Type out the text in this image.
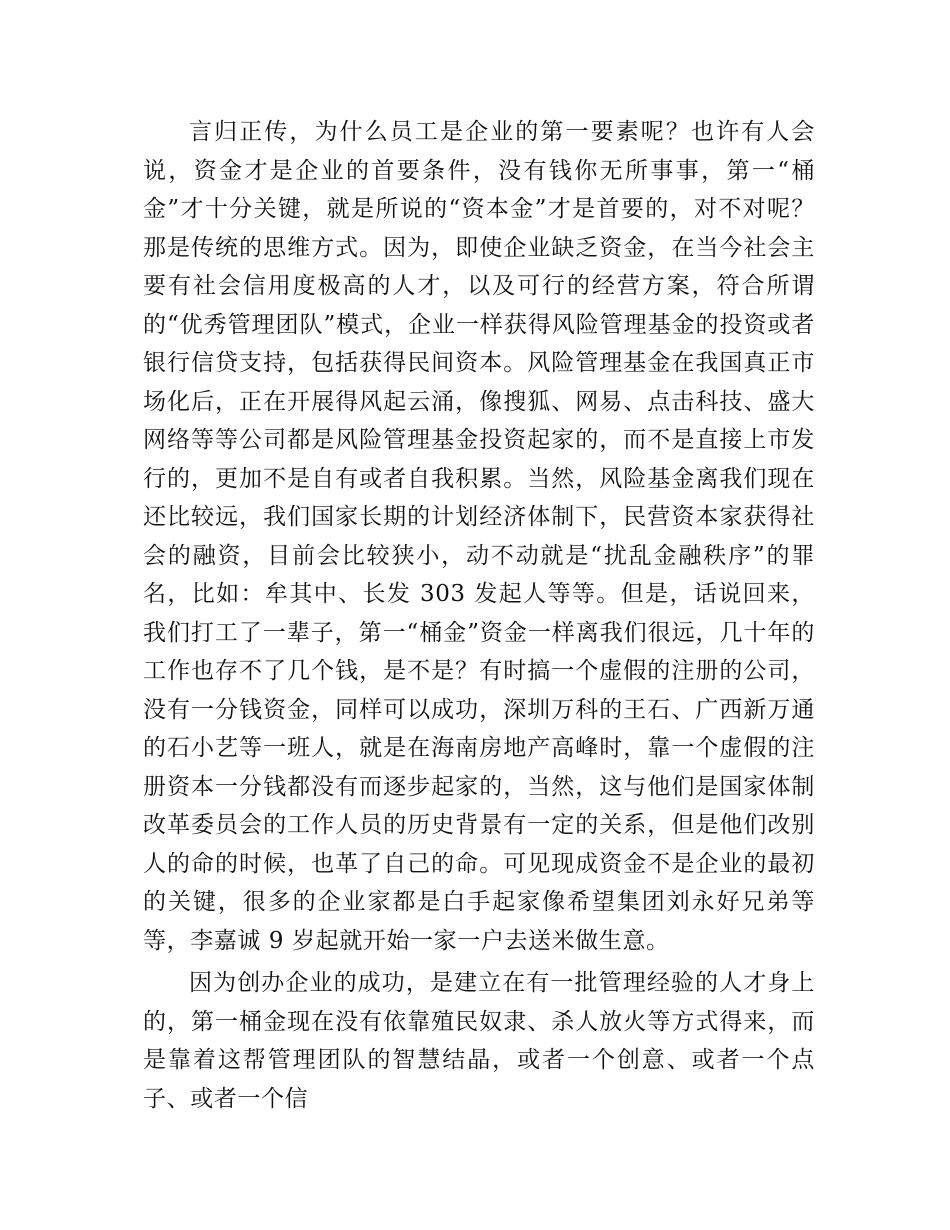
言归正传，为什么员工是企业的第一要素呢？也许有人会说，资金才是企业的首要条件，没有钱你无所事事，第一“桶金”才十分关键，就是所说的“资本金”才是首要的，对不对呢？那是传统的思维方式。因为，即使企业缺乏资金，在当今社会主要有社会信用度极高的人才，以及可行的经营方案，符合所谓的“优秀管理团队”模式，企业一样获得风险管理基金的投资或者银行信贷支持，包括获得民间资本。风险管理基金在我国真正市场化后，正在开展得风起云涌，像搜狐、网易、点击科技、盛大网络等等公司都是风险管理基金投资起家的，而不是直接上市发行的，更加不是自有或者自我积累。当然，风险基金离我们现在还比较远，我们国家长期的计划经济体制下，民营资本家获得社会的融资，目前会比较狭小，动不动就是“扰乱金融秩序”的罪名，比如：牟其中、长发 303 发起人等等。但是，话说回来，我们打工了一辈子，第一“桶金”资金一样离我们很远，几十年的工作也存不了几个钱，是不是？有时搞一个虚假的注册的公司，没有一分钱资金，同样可以成功，深圳万科的王石、广西新万通的石小艺等一班人，就是在海南房地产高峰时，靠一个虚假的注册资本一分钱都没有而逐步起家的，当然，这与他们是国家体制改革委员会的工作人员的历史背景有一定的关系，但是他们改别人的命的时候，也革了自己的命。可见现成资金不是企业的最初的关键，很多的企业家都是白手起家像希望集团刘永好兄弟等等，李嘉诚 9 岁起就开始一家一户去送米做生意。

因为创办企业的成功，是建立在有一批管理经验的人才身上的，第一桶金现在没有依靠殖民奴隶、杀人放火等方式得来，而是靠着这帮管理团队的智慧结晶，或者一个创意、或者一个点子、或者一个信
